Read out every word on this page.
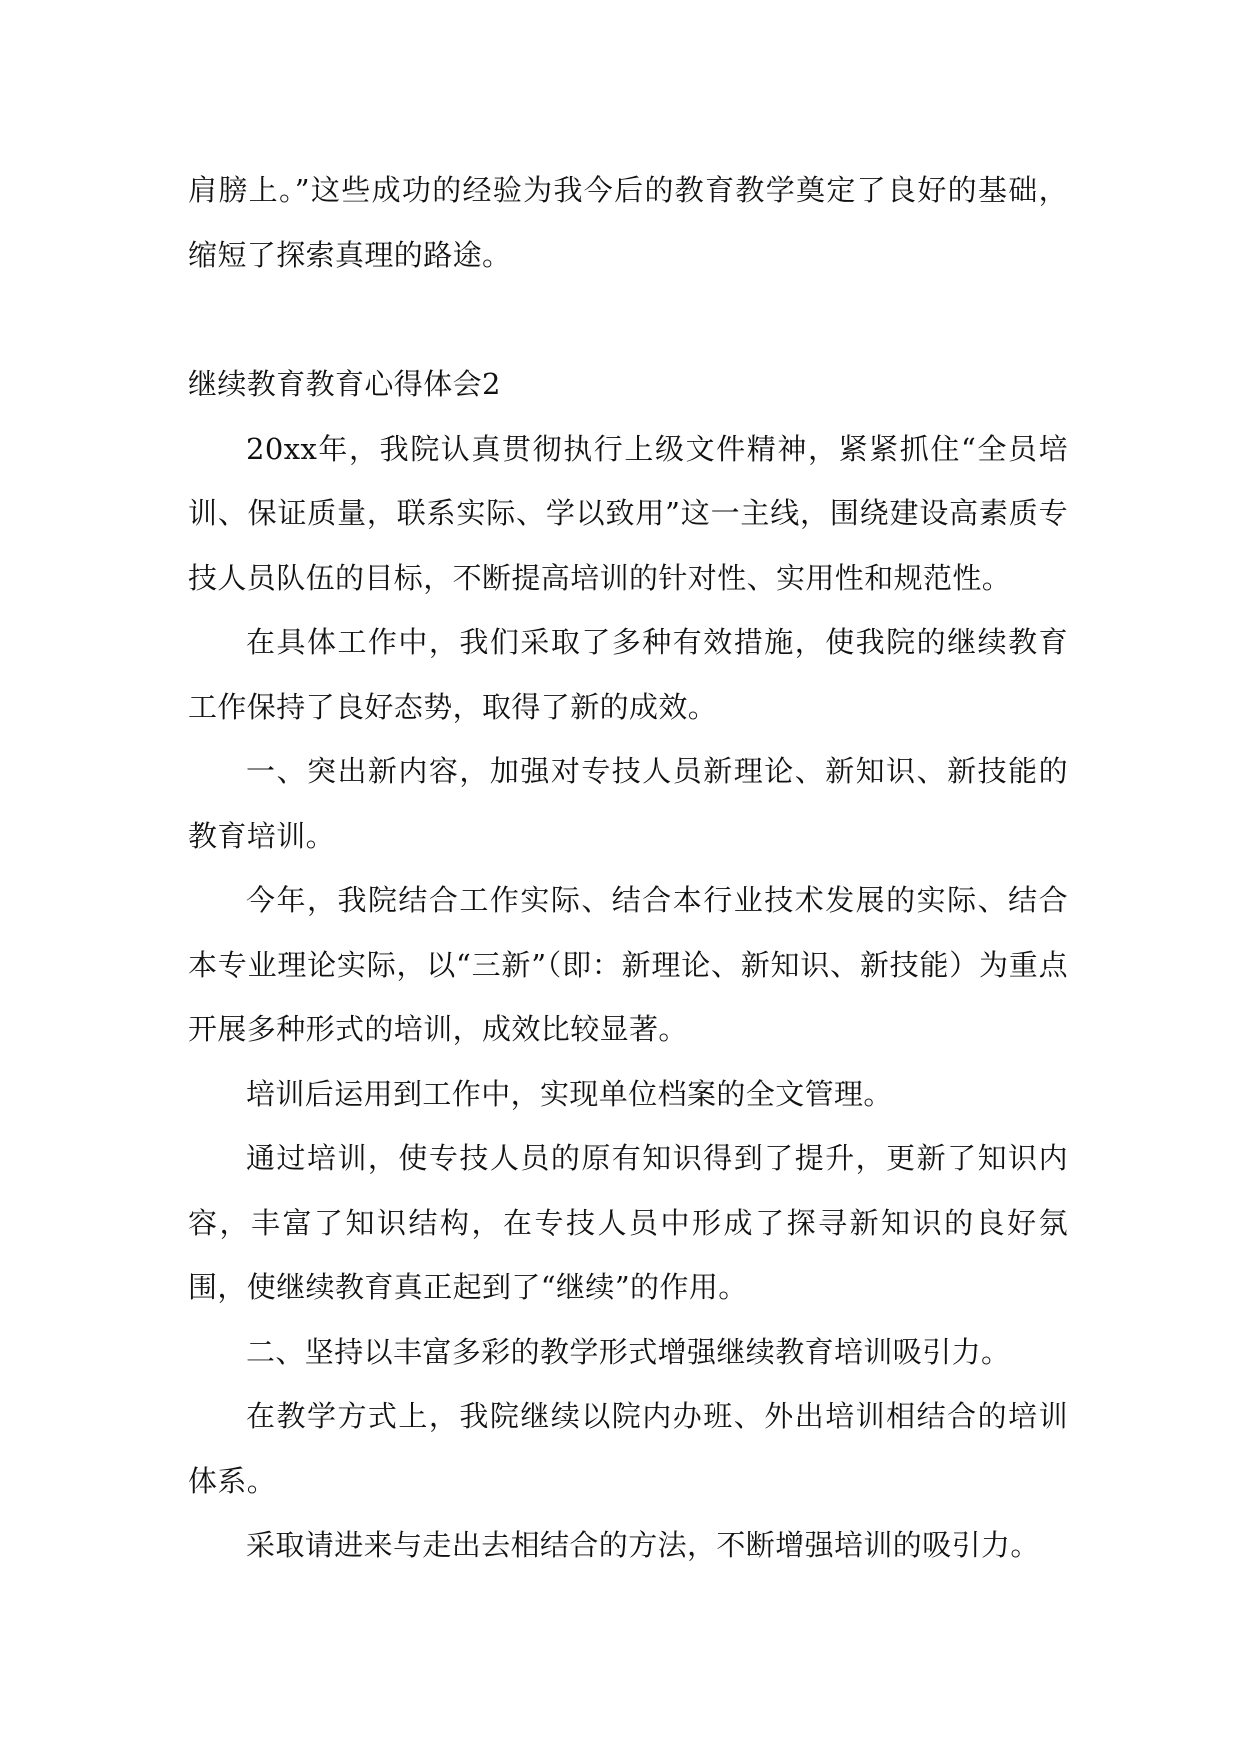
肩膀上。”这些成功的经验为我今后的教育教学奠定了良好的基础，缩短了探索真理的路途。

继续教育教育心得体会2

20xx年，我院认真贯彻执行上级文件精神，紧紧抓住“全员培训、保证质量，联系实际、学以致用”这一主线，围绕建设高素质专技人员队伍的目标，不断提高培训的针对性、实用性和规范性。

在具体工作中，我们采取了多种有效措施，使我院的继续教育工作保持了良好态势，取得了新的成效。

一、突出新内容，加强对专技人员新理论、新知识、新技能的教育培训。

今年，我院结合工作实际、结合本行业技术发展的实际、结合本专业理论实际，以“三新”（即：新理论、新知识、新技能）为重点开展多种形式的培训，成效比较显著。

培训后运用到工作中，实现单位档案的全文管理。

通过培训，使专技人员的原有知识得到了提升，更新了知识内容，丰富了知识结构，在专技人员中形成了探寻新知识的良好氛围，使继续教育真正起到了“继续”的作用。

二、坚持以丰富多彩的教学形式增强继续教育培训吸引力。

在教学方式上，我院继续以院内办班、外出培训相结合的培训体系。

采取请进来与走出去相结合的方法，不断增强培训的吸引力。
